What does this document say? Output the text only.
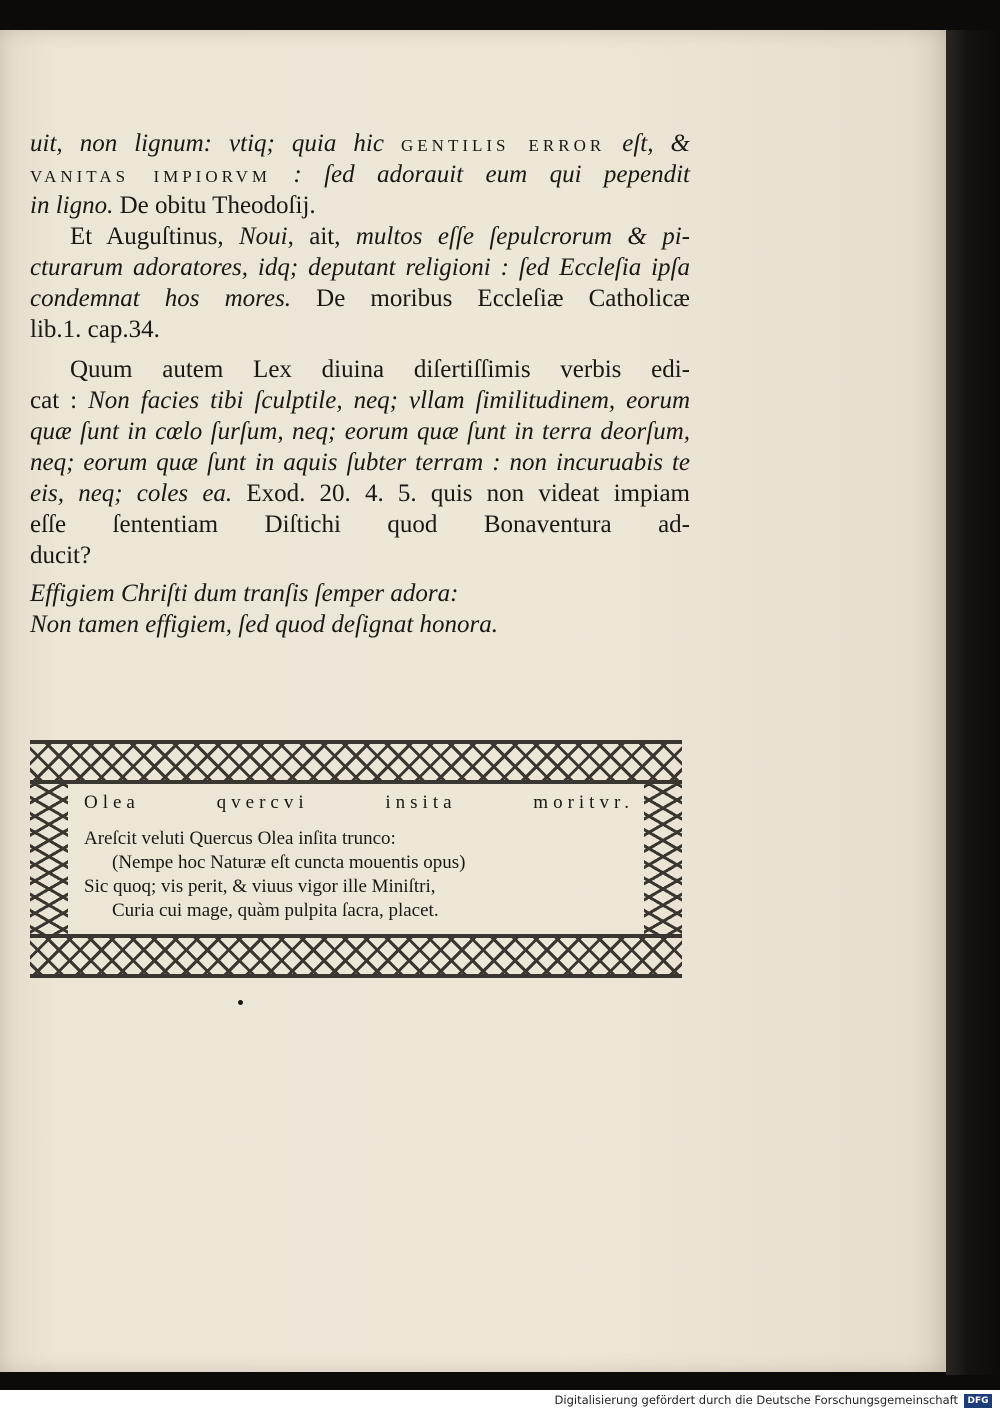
uit, non lignum: vtiq; quia hic GENTILIS ERROR eſt, &
VANITAS IMPIORVM : ſed adorauit eum qui pependit
in ligno. De obitu Theodoſij.
Et Auguſtinus, Noui, ait, multos eſſe ſepulcrorum & pi-
cturarum adoratores, idq; deputant religioni : ſed Eccleſia ipſa
condemnat hos mores. De moribus Eccleſiæ Catholicæ
lib.1. cap.34.
Quum autem Lex diuina diſertiſſimis verbis edi-
cat : Non facies tibi ſculptile, neq; vllam ſimilitudinem, eorum
quæ ſunt in cœlo ſurſum, neq; eorum quæ ſunt in terra deorſum,
neq; eorum quæ ſunt in aquis ſubter terram : non incuruabis te
eis, neq; coles ea. Exod. 20. 4. 5. quis non videat impiam
eſſe ſententiam Diſtichi quod Bonaventura ad-
ducit?
Effigiem Chriſti dum tranſis ſemper adora:
Non tamen effigiem, ſed quod deſignat honora.
Olea qvercvi insita moritvr.
Areſcit veluti Quercus Olea inſita trunco:
(Nempe hoc Naturæ eſt cuncta mouentis opus)
Sic quoq; vis perit, & viuus vigor ille Miniſtri,
Curia cui mage, quàm pulpita ſacra, placet.
Digitalisierung gefördert durch die Deutsche Forschungsgemeinschaft	DFG
